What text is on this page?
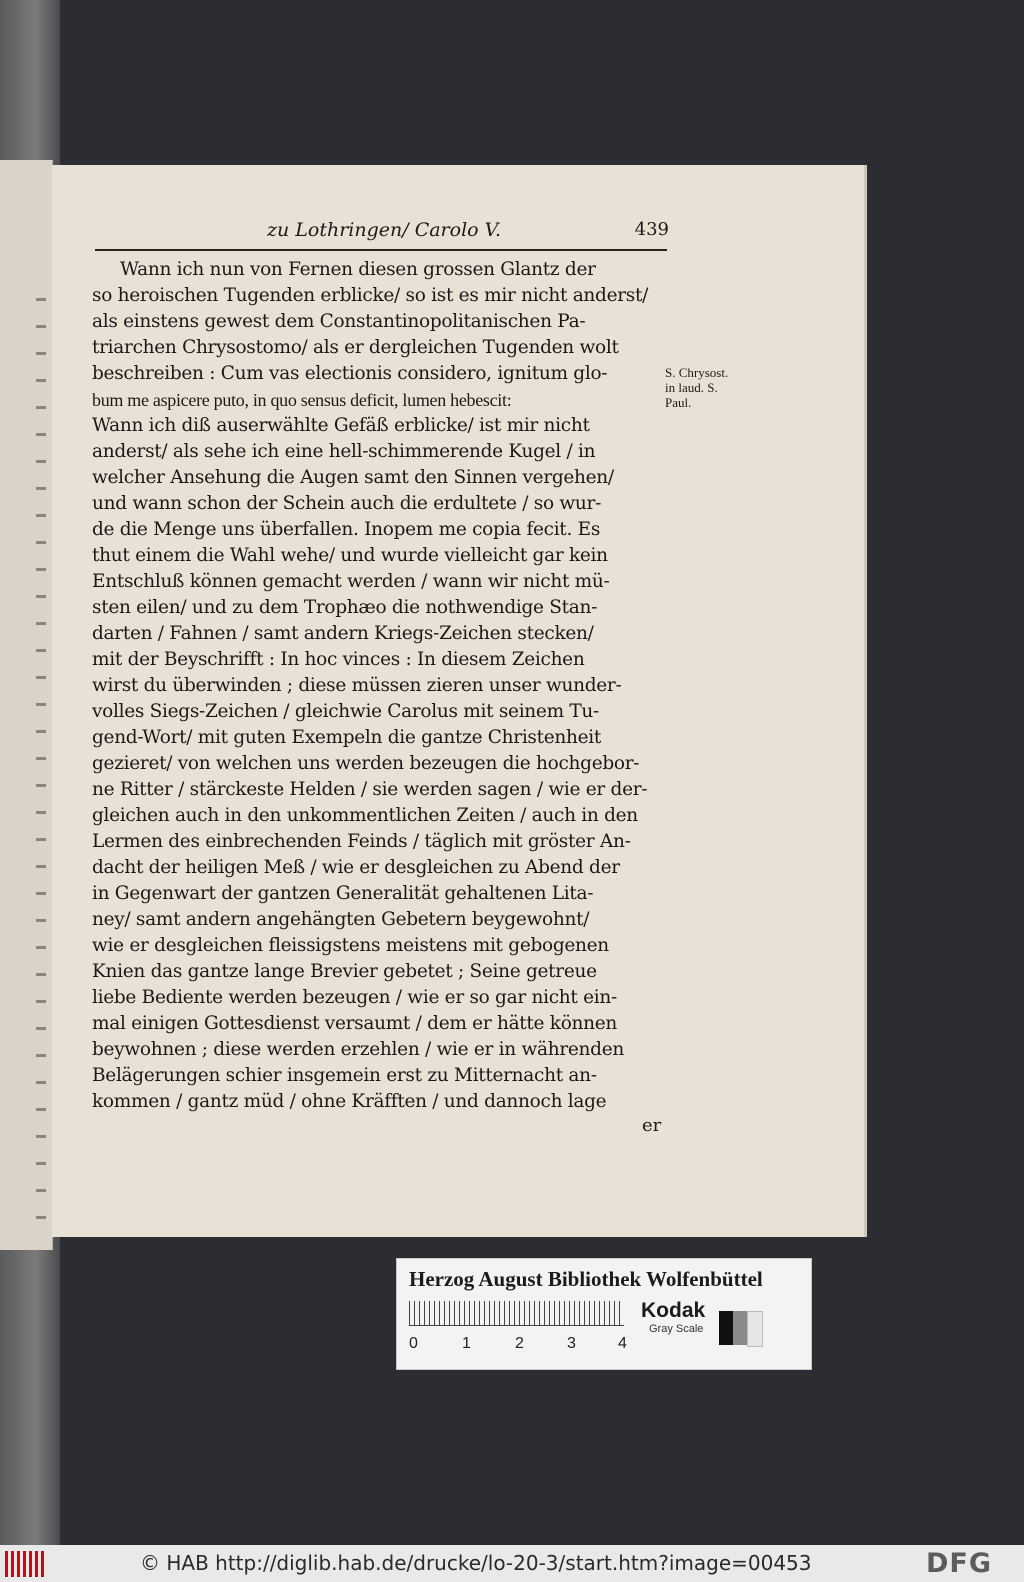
zu Lothringen/ Carolo V.	439
Wann ich nun von Fernen diesen grossen Glantz der
so heroischen Tugenden erblicke/ so ist es mir nicht anderst/
als einstens gewest dem Constantinopolitanischen Pa-
triarchen Chrysostomo/ als er dergleichen Tugenden wolt
beschreiben : Cum vas electionis considero, ignitum glo-
bum me aspicere puto, in quo sensus deficit, lumen hebescit:
Wann ich diß auserwählte Gefäß erblicke/ ist mir nicht
anderst/ als sehe ich eine hell-schimmerende Kugel / in
welcher Ansehung die Augen samt den Sinnen vergehen/
und wann schon der Schein auch die erdultete / so wur-
de die Menge uns überfallen. Inopem me copia fecit. Es
thut einem die Wahl wehe/ und wurde vielleicht gar kein
Entschluß können gemacht werden / wann wir nicht mü-
sten eilen/ und zu dem Trophæo die nothwendige Stan-
darten / Fahnen / samt andern Kriegs-Zeichen stecken/
mit der Beyschrifft : In hoc vinces : In diesem Zeichen
wirst du überwinden ; diese müssen zieren unser wunder-
volles Siegs-Zeichen / gleichwie Carolus mit seinem Tu-
gend-Wort/ mit guten Exempeln die gantze Christenheit
gezieret/ von welchen uns werden bezeugen die hochgebor-
ne Ritter / stärckeste Helden / sie werden sagen / wie er der-
gleichen auch in den unkommentlichen Zeiten / auch in den
Lermen des einbrechenden Feinds / täglich mit gröster An-
dacht der heiligen Meß / wie er desgleichen zu Abend der
in Gegenwart der gantzen Generalität gehaltenen Lita-
ney/ samt andern angehängten Gebetern beygewohnt/
wie er desgleichen fleissigstens meistens mit gebogenen
Knien das gantze lange Brevier gebetet ; Seine getreue
liebe Bediente werden bezeugen / wie er so gar nicht ein-
mal einigen Gottesdienst versaumt / dem er hätte können
beywohnen ; diese werden erzehlen / wie er in währenden
Belägerungen schier insgemein erst zu Mitternacht an-
kommen / gantz müd / ohne Kräfften / und dannoch lage
er
S. Chrysost.
in laud. S.
Paul.
Herzog August Bibliothek Wolfenbüttel
0	1	2	3	4
Kodak
Gray Scale
© HAB http://diglib.hab.de/drucke/lo-20-3/start.htm?image=00453	DFG
